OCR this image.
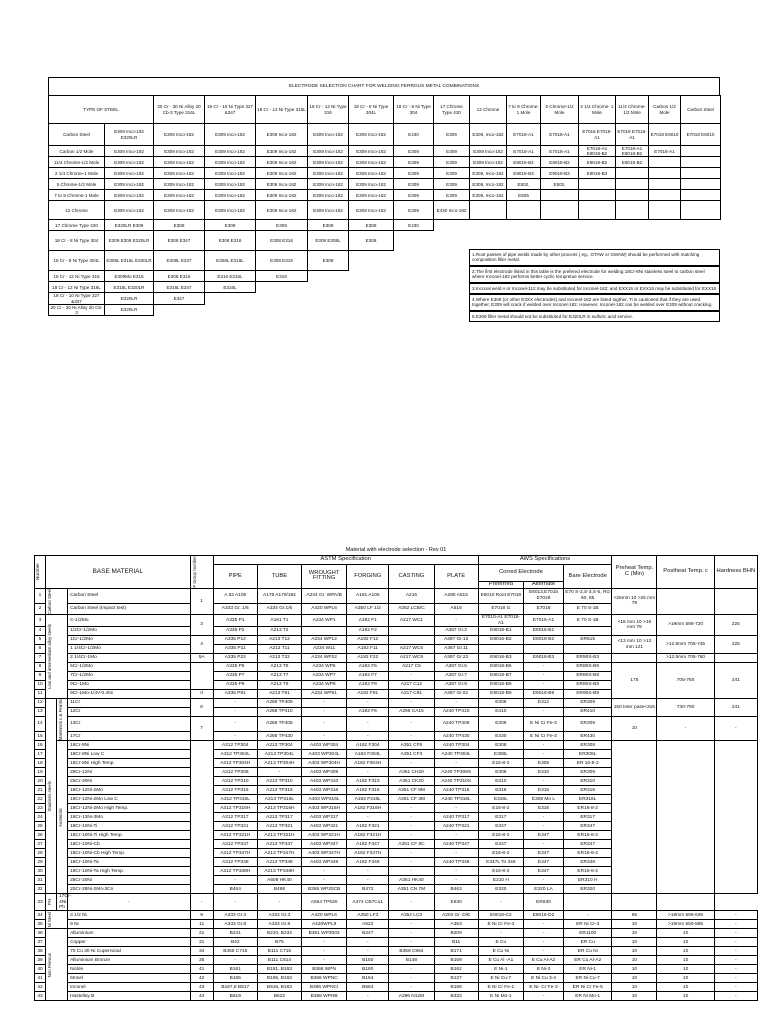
ELECTRODE SELECTION CHART FOR WELDING FERROUS METAL COMBINATIONS
TYPE OF STEEL		20 Cr - 30 Ni Alloy 20 Cb-3 Type 316L	18 Cr - 10 Ni Type 327 &347	18 Cr - 12 Ni Type 316L	18 Cr - 12 Ni Type 316	18 Cr - 8 Ni Type 304L	18 Cr - 8 Ni Type 304	17 Chrome Type 430	12 Chrome	7 to 9 Chrome-1 Mole	5 Chrome-1/2 Mole	2 1/4 Chrome- 1 Mole	11/4 Chrome-1/2 Mole	Carbon 1/2 Mole	Carbon Steel
Carbon Steel	E309 Inco-182 E320LR	E309 Inco-182	E309 Inco-182	E309 Inco-182	E309 Inco-182	E309 Inco-182	E430	E309	E309, Inco-182	E7018-A1	E7018-A1	E7018 E7018-A1	E7018 E7018-A1	E7018 E6010	E7018 E6010
Carbon 1/2 Mole	E309 Inco-182	E309 Inco-182	E309 Inco-182	E309 Inco-182	E309 Inco-182	E309 Inco-182	E309	E309	E309 Inco-182	E7018-A1	E7018-A1	E7018-A1 E8018-B2	E7018-A1 E8018-B2	E7018-A1	
11/4 Chrome-1/2 Mole	E309 Inco-182	E309 Inco-182	E309 Inco-182	E309 Inco-182	E309 Inco-182	E309 Inco-182	E309	E309	E309 Inco-182	E8016-B2	E8018-B2	E8018-B2	E8018-B2		
2 1/4 Chrome-1 Mole	E309 Inco-182	E309 Inco-182	E309 Inco-182	E309 Inco-182	E309 Inco-182	E309 Inco-182	E309	E309	E309, Inco-182	E9018-B3	E9018-B3	E9018-B3			
5 Chrome-1/2 Mole	E309 Inco-182	E309 Inco-182	E309 Inco-182	E309 Inco-182	E309 Inco-182	E309 Inco-182	E309	E309	E309, Inco-182	E502,	E502,				
7 to 9 Chrome-1 Mole	E309 Inco-182	E309 Inco-182	E309 Inco-182	E309 Inco-182	E309 Inco-182	E309 Inco-182	E309	E309	E309, Inco-182	E505					
12 Chrome	E309 Inco-182	E309 Inco-182	E309 Inco-182	E309 Inco-182	E309 Inco-182	E309 Inco-182	E309	E430 Inco-182							
17 Chrome Type 430	E320LR E309	E309	E309	E309	E309	E309	E430								
18 Cr - 8 Ni Type 304	E309 E308 E320LR	E308 E347	E308 E316	E308 E316	E308 E308L	E308									
18 Cr - 8 Ni Type 304L	E308L E316L E320LR	E308L E347	E308L E316L	E308 E316	E308										
18 Cr - 12 Ni Type 316	E309Mo E316	E308 E316	E316 E316L	E316											
18 Cr - 12 Ni Type 316L	E316L E320LR	E316L E347	E316L												
18 Cr - 10 Ni Type 327 &347	E320LR	E347													
20 Cr - 30 Ni Alloy 20 Cb-3	E320LR														
1.Root passes of pipe welds made by other process ( eg., GTAW or GMAW) should be performed with matching composition filler metal.
2.The first electrode listed in this table is the prefered electrode for welding 18Cr-8Ni stainless steel to carbon steel where Inconel-182 performs better cyclic tempretue service.
3.Inconal weld A or Inconel-112 may be substituted for Inconel-182; and EXX15 or EXX16 may be substituted for EXX18
4.Where E309 (or other E3XX electrodes) and Inconel-182 are listed togther, Ti is cautioned that if they are used together, E309 will crack if welded over Inconel-182. However, Inconel-182 can be welded over E309 without cracking.
5.E309 filler metal should not be substituted for E320LR in sulfuric acid service.
Material with electrode selection - Rev 01
Number	BASE MATERIAL			P Group Number	ASTM Specification						AWS Specifications			Preheat Temp. C (Min)	Postheat Temp. c	Hardness BHN
					PIPE	TUBE	WROUGHT FITTING	FORGING	CASTING	PLATE	Corred Electrode		Bare Electrode			
											Preferred	Alternate				
1	Carbon Steel		Carbon Steel	1	A 53 A106	A178 A179/192	A234 Gr. WPA/B	A181 A105	A216	A285 A515	E6010 Root E7018	E6013,E7015 E7028	E70 S-2,S-3,S-5, RG 60, 65	<25mm 10 >25 mm 79		
2			Carbon Steel (Impact test)		A333 Gr. 1/6	A334 Gr.1/6	A420 WPL6	A350 LF 1/2	A352 LCB/C	A516	E7018 G	E7018	E 70 S-1B			
3	Low and intermediate alloy steels		C-1/2Mo	3	A335 P1	A161 T1	A234 WP1	A182 F1	A217 WC1	-	E7010-A1 E7018-A1	E7015-A1	E 70 S-1B	<16 mm 10 >16 mm 79	>19mm 595-720	225
4			1/2Cr-1/2Mo		A335 P2	A213 T2		A182 F2		A387 Gr.2	E8018-B1	E8016-B1				
5			1Cr-1/2Mo	4	A335 P12	A213 T12	A234 WP12	A182 F12		A387 Gr.12	E8016-B2	E8018-B2	ER515	<13 mm 10 >13 mm 121	>12.5mm 705-745	225
6			1 1/4Cr-1/2Mo		A335 P11	A213 T11	A234 W11	A182 F11	A217 WC6	A387 Gr.11						
7			2 1/4Cr-1Mo	5A	A335 P22	A213 T22	A234 WP22	A182 F22	A217 WC9	A387 Gr.22	E9016-B3	E9018-B3	ER90S-B3		>12.5mm 705-760	
8			5Cr-1/2Mo		A335 P5	A213 T5	A234 WP5	A182 F5	A217 C5	A387 Gr.5	E8018-B6	-	ER80S-B6	175	705-760	241
9			7Cr-1/2Mo		A335 P7	A213 T7	A234 WP7	A182 F7	-	A387 Gr.7	E8018-B7	-	ER80S-B8			
10			9Cr-1Mo		A335 P9	A213 T9	A234 WP9	A182 F9	A217 C12	A387 Gr.9	E8018-B8	-	ER80S-B8			
11			9Cr-1Mo-1/4V-0.4Ni	II	A335 P91	A213 T91	A234 WP91	A182 F91	A217 C91	A387 Gr.91	E9018-B9	E9016-B9	ER90S-B9			
12	Stainless steels	Martensiti c & Ferritic	11Cr	6	-	A268 TP409	-	-	-	-	E309	E312	ER309	150 Inter pass<315	730-790	241
13			12Cr		-	A268 TP410	-	A182 F6	A296 CA15	A240 TP410	E410	-	ER410			
14			13Cr	7	-	A268 TP405	-	-	-	A240 TP405	E309	E Ni Cr Fe-3	ER309	10	-	-
15			17Cr		-	A268 TP430	-	-	-	A240 TP430	E430	E Ni Cr Fe-3	ER430			
16		Austenitic	18Cr-8Ni		A312 TP304	A213 TP304	A403 WP304	A182 F304	A351 CF8	A240 TP304	E308	-	ER308			
17			18Cr-8Ni Low C		A312 TP304L	A213 TP304L	A403 WP304L	A182 F304L	A351 CF3	A240 TP304L	E308L	-	ER308L			
18			18Cr-8Ni High Temp.		A312 TP304H	A213 TP304H	A403 WP304H	A182 F304H	-	-	E16-8-2	E308	ER 16-8-2			
19			25Cr-12Ni		A312 TP308	-	A403 WP309	-	A351 CH20	A240 TP309S	E309	E310	ER309			
20			25Cr-20Ni		A312 TP310	A213 TP310	A403 WP310	A182 F310	A351 CK20	A240 TP310S	E310	-	ER310			
21			18Cr-12Ni-2Mo		A312 TP316	A213 TP316	A403 WP316	A182 F316	A351 CF 8M	A240 TP316	E316	E316	ER316			
22			18Cr-12Ni-2Mo Low C		A312 TP316L	A213 TP316L	A403 WP316L	A182 F316L	A351 CF 3M	A240 TP316L	E316L	E308 Mo L	ER316L			
23			18Cr-12Ni-2Mo High Temp.		A312 TP316H	A213 TP316H	A403 WP316H	A182 F316H	-	-	E16-8-2	E316	ER16-8-2			
24			18Cr-13Ni-3Mo		A312 TP317	A213 TP317	A403 WP317	-	-	A240 TP317	E317	-	ER317			
25			18Cr-10Ni-Ti		A312 TP321	A213 TP321	A403 WP321	A182 F321	-	A240 TP321	E347	-	ER347			
26			18Cr-10Ni-Ti High Temp.		A312 TP321H	A213 TP321H	A403 WP321H	A182 F321H	-	-	E16-8-2	E347	ER16-8-2			
27			18Cr-10Ni-Cb		A312 TP347	A213 TP347	A403 WP347	A182 F347	A351 CF 8C	A240 TP347	E347	-	ER347			
28			18Cr-10Ni-Cb High Temp.		A312 TP347H	A213 TP347H	A403 WP347H	A182 F347H	-	-	E16-8-2	E347	ER16-8-2			
29			18Cr-10Ni-Ta		A312 TP348	A213 TP348	A403 WP348	A182 F348	-	A240 TP348	E347L To 346	E347	ER348			
30			18Cr-10Ni-Ta High Temp.		A312 TP348H	A213 TP348H	-	-	-	-	E16-8-2	E347	ER16-8-2			
31			25Cr-20Ni		-	A608 HK40	-	-	A351 HK40	-	E310 H	-	ER310 H			
32			20Cr-28Ni-2Mo-3Cn		B464	B468	B365 WP20CB	B472	A351 CN 7M	B463	E320	E320 LA	ER320			
33	PH	17Cr-4Ni-Ph	-	-	-	-	A564 TP630	A474 CB7Cu1	-	E630	-	ER630				
34	Ni Steel		3 1/2 Ni	9	A333 Gr.3	A334 Gr.3	A420 WPL6	A350 LF3	A352 LC3	A203 Gr. D/E	E8018-C2	E8016-D2	-	95	>19mm 595-635	-
35			9 Ni	11	A333 Gr.8	A334 Gr.8	A420WPL8	A522	-	A353	E Ni Cr Fe-3	-	ER Ni Cr-3	10	>19mm 550-585	-
36	Non Ferrous		Alluminium	21	B241	B210, B234	B361 WP3003	B247	-	B209	-	-	ER1100	10	10	-
37			Copper	31	B42	B75	-	-	-	B11	E Cu	-	ER Cu	10	10	-
38			70 Cu 30 Ni Cupernicial	34	B455 C715	B111 C715	-	-	B359 C964	B171	E Cu Ni	-	ER Cu Ni	10	10	-
39			Alluminium Bronze	35	-	B111 C614	-	B150	B148	B169	E Cu Al -A1	E Cu Al-A2	ER Cu Al-A2	10	10	-
40			Nickle	41	B161	B161, B163	B366 WPN	B160	-	B162	E Ni-1	E Ni-3	ER Ni-1	10	10	-
41			Monel	42	B165	B165, B163	B366 WPNC	B164	-	B127	E Ni Cu-7	E Ni Cu 3-4	ER Ni Cu-7	10	10	-
42			Inconel	43	B167,8 B517	B516, B163	B366 WPNCI	B564	-	B168	E Ni Cr Fe-1	E Ni- Cr Fe-3	ER Ni Cr Fe-5	10	10	-
43			Hastelloy B	44	B619	B622	B366 WPHB	-	A296 N12M	B333	E Ni Mo-1	-	ER Ni Mo-1	10	10	-
